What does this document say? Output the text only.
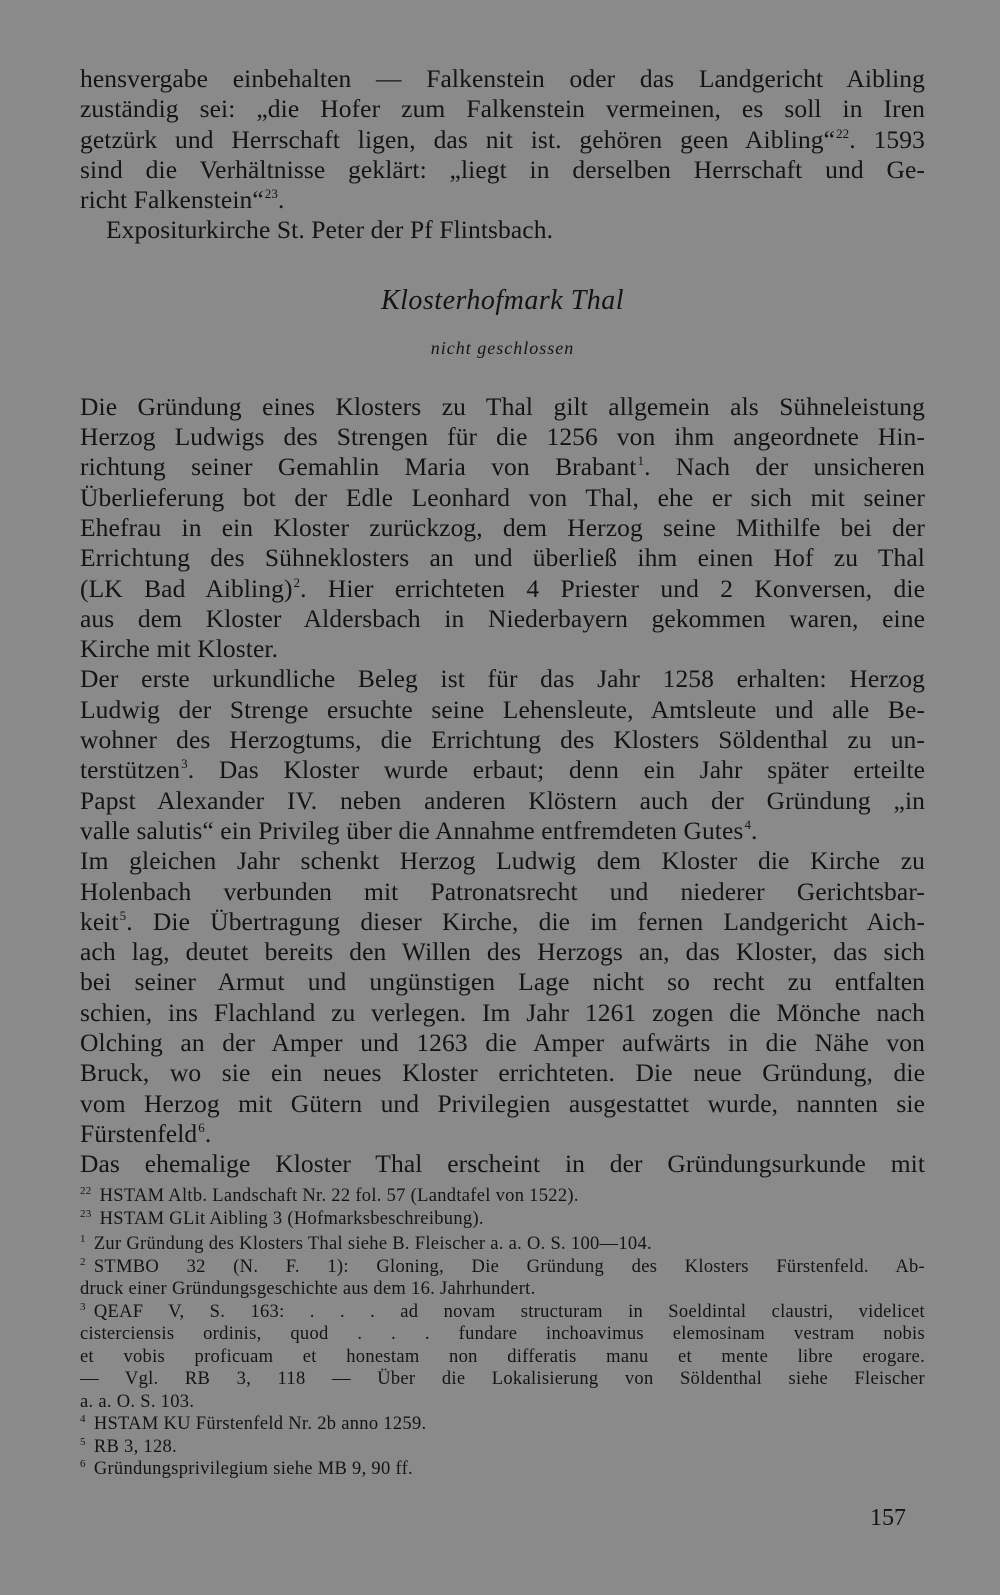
hensvergabe einbehalten — Falkenstein oder das Landgericht Aibling
zuständig sei: „die Hofer zum Falkenstein vermeinen, es soll in Iren
getzürk und Herrschaft ligen, das nit ist. gehören geen Aibling“$^{22}$. 1593
sind die Verhältnisse geklärt: „liegt in derselben Herrschaft und Ge-
richt Falkenstein“$^{23}$.
Expositurkirche St. Peter der Pf Flintsbach.
Klosterhofmark Thal
nicht geschlossen
Die Gründung eines Klosters zu Thal gilt allgemein als Sühneleistung
Herzog Ludwigs des Strengen für die 1256 von ihm angeordnete Hin-
richtung seiner Gemahlin Maria von Brabant$^1$. Nach der unsicheren
Überlieferung bot der Edle Leonhard von Thal, ehe er sich mit seiner
Ehefrau in ein Kloster zurückzog, dem Herzog seine Mithilfe bei der
Errichtung des Sühneklosters an und überließ ihm einen Hof zu Thal
(LK Bad Aibling)$^2$. Hier errichteten 4 Priester und 2 Konversen, die
aus dem Kloster Aldersbach in Niederbayern gekommen waren, eine
Kirche mit Kloster.
Der erste urkundliche Beleg ist für das Jahr 1258 erhalten: Herzog
Ludwig der Strenge ersuchte seine Lehensleute, Amtsleute und alle Be-
wohner des Herzogtums, die Errichtung des Klosters Söldenthal zu un-
terstützen$^3$. Das Kloster wurde erbaut; denn ein Jahr später erteilte
Papst Alexander IV. neben anderen Klöstern auch der Gründung „in
valle salutis“ ein Privileg über die Annahme entfremdeten Gutes$^4$.
Im gleichen Jahr schenkt Herzog Ludwig dem Kloster die Kirche zu
Holenbach verbunden mit Patronatsrecht und niederer Gerichtsbar-
keit$^5$. Die Übertragung dieser Kirche, die im fernen Landgericht Aich-
ach lag, deutet bereits den Willen des Herzogs an, das Kloster, das sich
bei seiner Armut und ungünstigen Lage nicht so recht zu entfalten
schien, ins Flachland zu verlegen. Im Jahr 1261 zogen die Mönche nach
Olching an der Amper und 1263 die Amper aufwärts in die Nähe von
Bruck, wo sie ein neues Kloster errichteten. Die neue Gründung, die
vom Herzog mit Gütern und Privilegien ausgestattet wurde, nannten sie
Fürstenfeld$^6$.
Das ehemalige Kloster Thal erscheint in der Gründungsurkunde mit
$^{22}$ HSTAM Altb. Landschaft Nr. 22 fol. 57 (Landtafel von 1522).
$^{23}$ HSTAM GLit Aibling 3 (Hofmarksbeschreibung).
$^1$ Zur Gründung des Klosters Thal siehe B. Fleischer a. a. O. S. 100—104.
$^2$ STMBO 32 (N. F. 1): Gloning, Die Gründung des Klosters Fürstenfeld. Ab-
druck einer Gründungsgeschichte aus dem 16. Jahrhundert.
$^3$ QEAF V, S. 163: . . . ad novam structuram in Soeldintal claustri, videlicet
cisterciensis ordinis, quod . . . fundare inchoavimus elemosinam vestram nobis
et vobis proficuam et honestam non differatis manu et mente libre erogare.
— Vgl. RB 3, 118 — Über die Lokalisierung von Söldenthal siehe Fleischer
a. a. O. S. 103.
$^4$ HSTAM KU Fürstenfeld Nr. 2b anno 1259.
$^5$ RB 3, 128.
$^6$ Gründungsprivilegium siehe MB 9, 90 ff.
157
